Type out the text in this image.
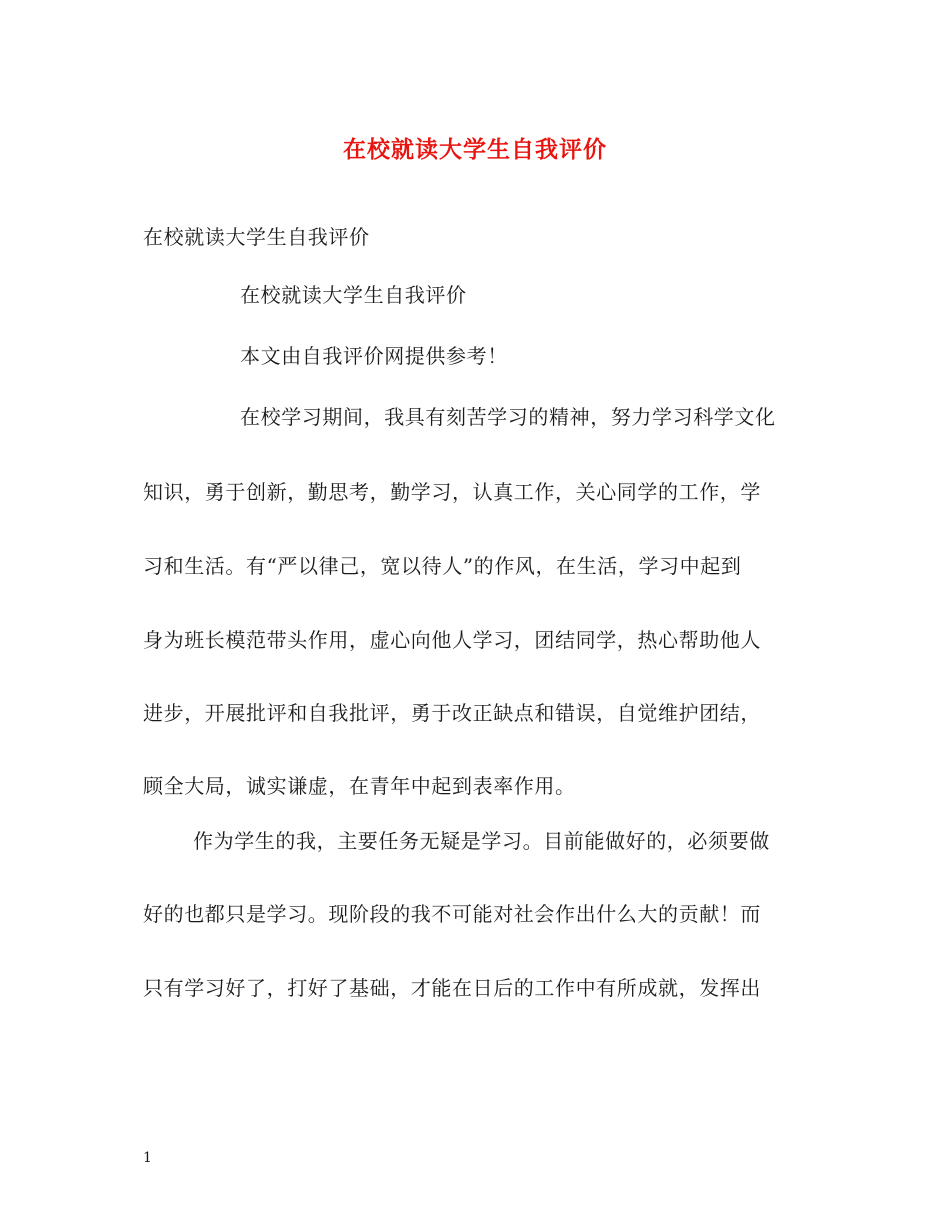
在校就读大学生自我评价
在校就读大学生自我评价
在校就读大学生自我评价
本文由自我评价网提供参考！
在校学习期间，我具有刻苦学习的精神，努力学习科学文化
知识，勇于创新，勤思考，勤学习，认真工作，关心同学的工作，学
习和生活。有“严以律己，宽以待人”的作风，在生活，学习中起到
身为班长模范带头作用，虚心向他人学习，团结同学，热心帮助他人
进步，开展批评和自我批评，勇于改正缺点和错误，自觉维护团结，
顾全大局，诚实谦虚，在青年中起到表率作用。
作为学生的我，主要任务无疑是学习。目前能做好的，必须要做
好的也都只是学习。现阶段的我不可能对社会作出什么大的贡献！而
只有学习好了，打好了基础，才能在日后的工作中有所成就，发挥出
1
